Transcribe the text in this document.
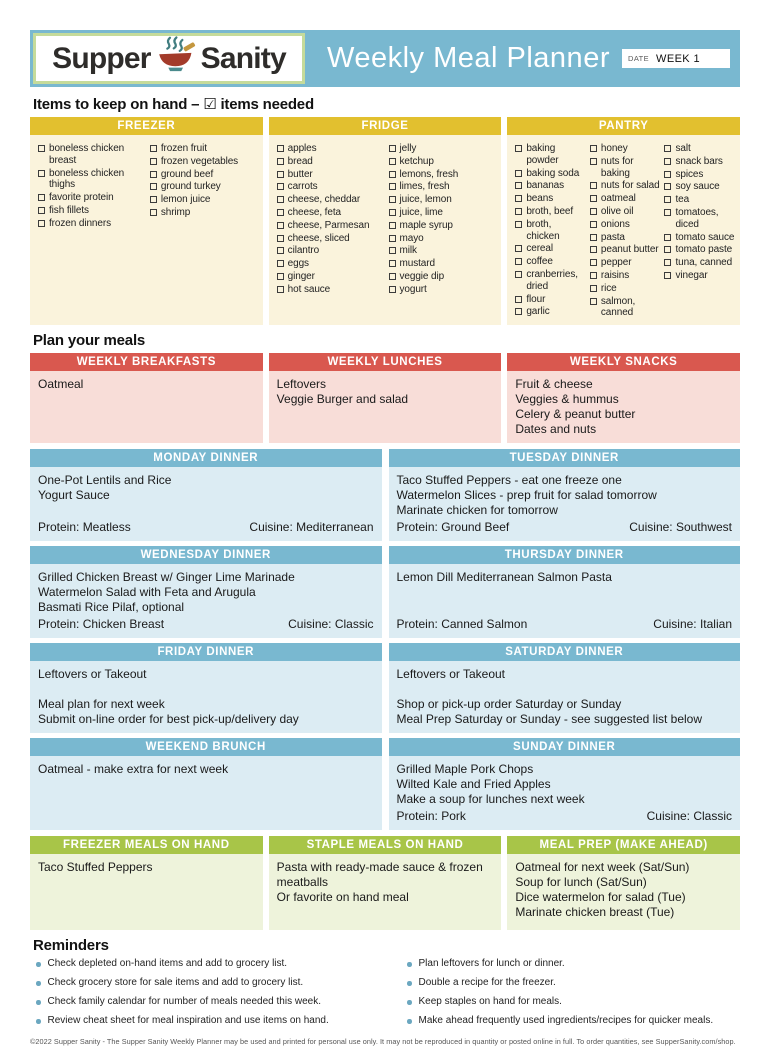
Supper Sanity Weekly Meal Planner DATE WEEK 1
Items to keep on hand – ☑ items needed
FREEZER
boneless chicken breast
boneless chicken thighs
favorite protein
fish fillets
frozen dinners
frozen fruit
frozen vegetables
ground beef
ground turkey
lemon juice
shrimp
FRIDGE
apples
bread
butter
carrots
cheese, cheddar
cheese, feta
cheese, Parmesan
cheese, sliced
cilantro
eggs
ginger
hot sauce
jelly
ketchup
lemons, fresh
limes, fresh
juice, lemon
juice, lime
maple syrup
mayo
milk
mustard
veggie dip
yogurt
PANTRY
baking powder
baking soda
bananas
beans
broth, beef
broth, chicken
cereal
coffee
cranberries, dried
flour
garlic
honey
nuts for baking
nuts for salad
oatmeal
olive oil
onions
pasta
peanut butter
pepper
raisins
rice
salmon, canned
salt
snack bars
spices
soy sauce
tea
tomatoes, diced
tomato sauce
tomato paste
tuna, canned
vinegar
Plan your meals
WEEKLY BREAKFASTS
Oatmeal
WEEKLY LUNCHES
Leftovers
Veggie Burger and salad
WEEKLY SNACKS
Fruit & cheese
Veggies & hummus
Celery & peanut butter
Dates and nuts
MONDAY DINNER
One-Pot Lentils and Rice
Yogurt Sauce
Protein: Meatless	Cuisine: Mediterranean
TUESDAY DINNER
Taco Stuffed Peppers - eat one freeze one
Watermelon Slices - prep fruit for salad tomorrow
Marinate chicken for tomorrow
Protein: Ground Beef	Cuisine: Southwest
WEDNESDAY DINNER
Grilled Chicken Breast w/ Ginger Lime Marinade
Watermelon Salad with Feta and Arugula
Basmati Rice Pilaf, optional
Protein: Chicken Breast	Cuisine: Classic
THURSDAY DINNER
Lemon Dill Mediterranean Salmon Pasta
Protein: Canned Salmon	Cuisine: Italian
FRIDAY DINNER
Leftovers or Takeout

Meal plan for next week
Submit on-line order for best pick-up/delivery day
SATURDAY DINNER
Leftovers or Takeout

Shop or pick-up order Saturday or Sunday
Meal Prep Saturday or Sunday - see suggested list below
WEEKEND BRUNCH
Oatmeal - make extra for next week
SUNDAY DINNER
Grilled Maple Pork Chops
Wilted Kale and Fried Apples
Make a soup for lunches next week
Protein: Pork	Cuisine: Classic
FREEZER MEALS ON HAND
Taco Stuffed Peppers
STAPLE MEALS ON HAND
Pasta with ready-made sauce & frozen meatballs
Or favorite on hand meal
MEAL PREP (MAKE AHEAD)
Oatmeal for next week (Sat/Sun)
Soup for lunch (Sat/Sun)
Dice watermelon for salad (Tue)
Marinate chicken breast (Tue)
Reminders
Check depleted on-hand items and add to grocery list.
Check grocery store for sale items and add to grocery list.
Check family calendar for number of meals needed this week.
Review cheat sheet for meal inspiration and use items on hand.
Plan leftovers for lunch or dinner.
Double a recipe for the freezer.
Keep staples on hand for meals.
Make ahead frequently used ingredients/recipes for quicker meals.
©2022 Supper Sanity - The Supper Sanity Weekly Planner may be used and printed for personal use only. It may not be reproduced in quantity or posted online in full. To order quantities, see SupperSanity.com/shop.
